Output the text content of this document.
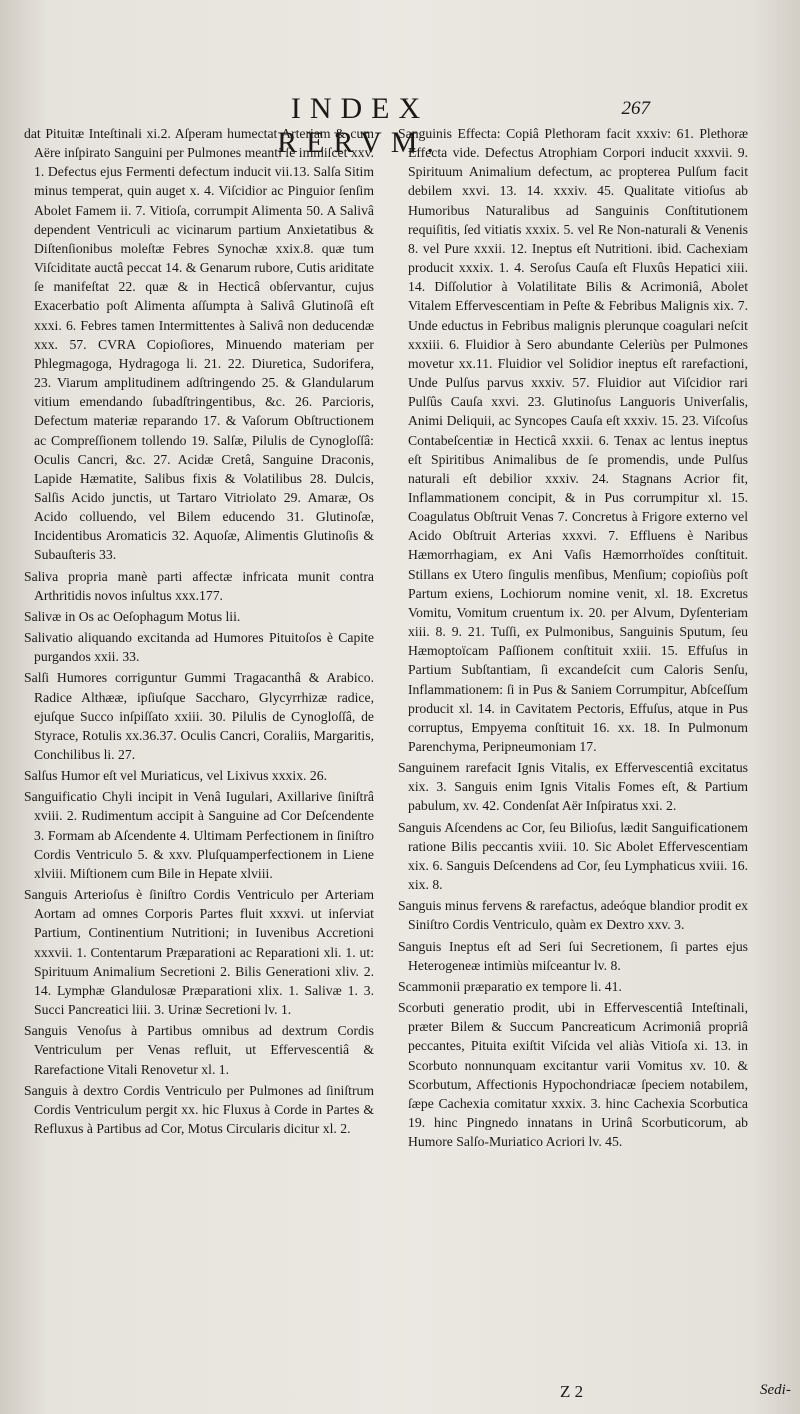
INDEX RERVM.
267

dat Pituitæ Inteſtinali xi.2. Aſperam humectat Arteriam & cum Aëre inſpirato Sanguini per Pulmones meanti ſe immiſcet xxv. 1. Defectus ejus Fermenti defectum inducit vii.13. Salſa Sitim minus temperat, quin auget x. 4. Viſcidior ac Pinguior ſenſim Abolet Famem ii. 7. Vitioſa, corrumpit Alimenta 50. A Salivâ dependent Ventriculi ac vicinarum partium Anxietatibus & Diſtenſionibus moleſtæ Febres Synochæ xxix.8. quæ tum Viſciditate auctâ peccat 14. & Genarum rubore, Cutis ariditate ſe manifeſtat 22. quæ & in Hecticâ obſervantur, cujus Exacerbatio poſt Alimenta aſſumpta à Salivâ Glutinoſâ eſt xxxi. 6. Febres tamen Intermittentes à Salivâ non deducendæ xxx. 57. CVRA Copioſiores, Minuendo materiam per Phlegmagoga, Hydragoga li. 21. 22. Diuretica, Sudorifera, 23. Viarum amplitudinem adſtringendo 25. & Glandularum vitium emendando ſubadſtringentibus, &c. 26. Parcioris, Defectum materiæ reparando 17. & Vaſorum Obſtructionem ac Compreſſionem tollendo 19. Salſæ, Pilulis de Cynogloſſâ: Oculis Cancri, &c. 27. Acidæ Cretâ, Sanguine Draconis, Lapide Hæmatite, Salibus fixis & Volatilibus 28. Dulcis, Salſis Acido junctis, ut Tartaro Vitriolato 29. Amaræ, Os Acido colluendo, vel Bilem educendo 31. Glutinoſæ, Incidentibus Aromaticis 32. Aquoſæ, Alimentis Glutinoſis & Subauſteris 33.

Saliva propria manè parti affectæ infricata munit contra Arthritidis novos inſultus xxx.177.

Salivæ in Os ac Oeſophagum Motus lii.

Salivatio aliquando excitanda ad Humores Pituitoſos è Capite purgandos xxii. 33.

Salſi Humores corriguntur Gummi Tragacanthâ & Arabico. Radice Althææ, ipſiuſque Saccharo, Glycyrrhizæ radice, ejuſque Succo inſpiſſato xxiii. 30. Pilulis de Cynogloſſâ, de Styrace, Rotulis xx.36.37. Oculis Cancri, Coraliis, Margaritis, Conchilibus li. 27.

Salſus Humor eſt vel Muriaticus, vel Lixivus xxxix. 26.

Sanguificatio Chyli incipit in Venâ Iugulari, Axillarive ſiniſtrâ xviii. 2. Rudimentum accipit à Sanguine ad Cor Deſcendente 3. Formam ab Aſcendente 4. Ultimam Perfectionem in ſiniſtro Cordis Ventriculo 5. & xxv. Pluſquamperfectionem in Liene xlviii. Miſtionem cum Bile in Hepate xlviii.

Sanguis Arterioſus è ſiniſtro Cordis Ventriculo per Arteriam Aortam ad omnes Corporis Partes fluit xxxvi. ut inſerviat Partium, Continentium Nutritioni; in Iuvenibus Accretioni xxxvii. 1. Contentarum Præparationi ac Reparationi xli. 1. ut: Spirituum Animalium Secretioni 2. Bilis Generationi xliv. 2. 14. Lymphæ Glandulosæ Præparationi xlix. 1. Salivæ 1. 3. Succi Pancreatici liii. 3. Urinæ Secretioni lv. 1.

Sanguis Venoſus à Partibus omnibus ad dextrum Cordis Ventriculum per Venas refluit, ut Effervescentiâ & Rarefactione Vitali Renovetur xl. 1.

Sanguis à dextro Cordis Ventriculo per Pulmones ad ſiniſtrum Cordis Ventriculum pergit xx. hic Fluxus à Corde in Partes & Refluxus à Partibus ad Cor, Motus Circularis dicitur xl. 2.

Sanguinis Effecta: Copiâ Plethoram facit xxxiv: 61. Plethoræ Effecta vide. Defectus Atrophiam Corpori inducit xxxvii. 9. Spirituum Animalium defectum, ac propterea Pulſum facit debilem xxvi. 13. 14. xxxiv. 45. Qualitate vitioſus ab Humoribus Naturalibus ad Sanguinis Conſtitutionem requiſitis, ſed vitiatis xxxix. 5. vel Re Non-naturali & Venenis 8. vel Pure xxxii. 12. Ineptus eſt Nutritioni. ibid. Cachexiam producit xxxix. 1. 4. Seroſus Cauſa eſt Fluxûs Hepatici xiii. 14. Diſſolutior à Volatilitate Bilis & Acrimoniâ, Abolet Vitalem Effervescentiam in Peſte & Febribus Malignis xix. 7. Unde eductus in Febribus malignis plerunque coagulari neſcit xxxiii. 6. Fluidior à Sero abundante Celeriùs per Pulmones movetur xx.11. Fluidior vel Solidior ineptus eſt rarefactioni, Unde Pulſus parvus xxxiv. 57. Fluidior aut Viſcidior rari Pulſûs Cauſa xxvi. 23. Glutinoſus Languoris Univerſalis, Animi Deliquii, ac Syncopes Cauſa eſt xxxiv. 15. 23. Viſcoſus Contabeſcentiæ in Hecticâ xxxii. 6. Tenax ac lentus ineptus eſt Spiritibus Animalibus de ſe promendis, unde Pulſus naturali eſt debilior xxxiv. 24. Stagnans Acrior fit, Inflammationem concipit, & in Pus corrumpitur xl. 15. Coagulatus Obſtruit Venas 7. Concretus à Frigore externo vel Acido Obſtruit Arterias xxxvi. 7. Effluens è Naribus Hæmorrhagiam, ex Ani Vaſis Hæmorrhoïdes conſtituit. Stillans ex Utero ſingulis menſibus, Menſium; copioſiùs poſt Partum exiens, Lochiorum nomine venit, xl. 18. Excretus Vomitu, Vomitum cruentum ix. 20. per Alvum, Dyſenteriam xiii. 8. 9. 21. Tuſſi, ex Pulmonibus, Sanguinis Sputum, ſeu Hæmoptoïcam Paſſionem conſtituit xxiii. 15. Effuſus in Partium Subſtantiam, ſi excandeſcit cum Caloris Senſu, Inflammationem: ſi in Pus & Saniem Corrumpitur, Abſceſſum producit xl. 14. in Cavitatem Pectoris, Effuſus, atque in Pus corruptus, Empyema conſtituit 16. xx. 18. In Pulmonum Parenchyma, Peripneumoniam 17.

Sanguinem rarefacit Ignis Vitalis, ex Effervescentiâ excitatus xix. 3. Sanguis enim Ignis Vitalis Fomes eſt, & Partium pabulum, xv. 42. Condenſat Aër Inſpiratus xxi. 2.

Sanguis Aſcendens ac Cor, ſeu Bilioſus, lædit Sanguificationem ratione Bilis peccantis xviii. 10. Sic Abolet Effervescentiam xix. 6. Sanguis Deſcendens ad Cor, ſeu Lymphaticus xviii. 16. xix. 8.

Sanguis minus fervens & rarefactus, adeóque blandior prodit ex Siniſtro Cordis Ventriculo, quàm ex Dextro xxv. 3.

Sanguis Ineptus eſt ad Seri ſui Secretionem, ſi partes ejus Heterogeneæ intimiùs miſceantur lv. 8.

Scammonii præparatio ex tempore li. 41.

Scorbuti generatio prodit, ubi in Effervescentiâ Inteſtinali, præter Bilem & Succum Pancreaticum Acrimoniâ propriâ peccantes, Pituita exiſtit Viſcida vel aliàs Vitioſa xi. 13. in Scorbuto nonnunquam excitantur varii Vomitus xv. 10. & Scorbutum, Affectionis Hypochondriacæ ſpeciem notabilem, ſæpe Cachexia comitatur xxxix. 3. hinc Cachexia Scorbutica 19. hinc Pingnedo innatans in Urinâ Scorbuticorum, ab Humore Salſo-Muriatico Acriori lv. 45.

Z 2	Sedi-
